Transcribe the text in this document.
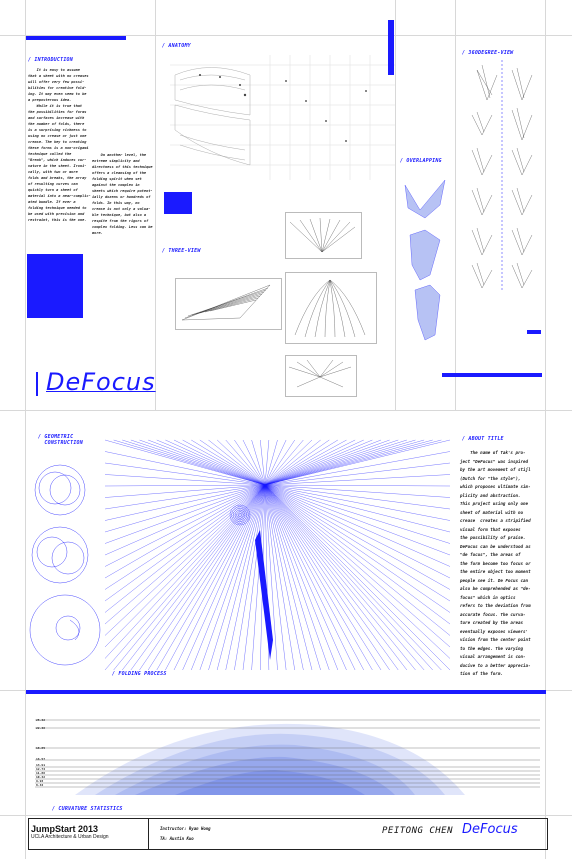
/ INTRODUCTION
It is easy to assume
that a sheet with no creases
will offer very few possi-
bilities for creative fold-
ing. It may even seem to be
a preposterous idea.
While it is true that
the possibilities for forms
and surfaces increase with
the number of folds, there
is a surprising richness to
using no crease or just one
crease. The key to creating
these forms is a non-origami
technique called the
"Break", which induces cur-
vature in the sheet. Ironi-
cally, with two or more
folds and breaks, the array
of resulting curves can
quickly turn a sheet of
material into a near-complic-
ated bundle. If ever a
folding technique needed to
be used with precision and
restraint, this is the one.
On another level, the
extreme simplicity and
directness of this technique
offers a cleansing of the
folding spirit when set
against the complex in
sheets which require potent-
ially dozens or hundreds of
folds. In this way, no
crease is not only a valua-
ble technique, but also a
respite from the rigors of
complex folding. Less can be
more.
DeFocus
/ ANATOMY
/ THREE-VIEW
/ OVERLAPPING
/ 360DEGREE-VIEW
/ GEOMETRIC
CONSTRUCTION
/ FOLDING PROCESS
/ ABOUT TITLE
The name of Tak's pro-
ject "DeFocus" was inspired
by the art movement of stijl
(Dutch for "the style"),
which proposes ultimate sim-
plicity and abstraction.
This project using only one
sheet of material with no
crease  creates a stripified
visual form that exposes
the possibility of praise.
DeFocus can be understood as
"de focus", the areas of
the form become too focus or
the entire object too moment
people see it. De Focus can
also be comprehended as "de-
focus" which in optics
refers to the deviation from
accurate focus. The curva-
ture created by the areas
eventually exposes viewers'
vision from the center point
to the edges. The varying
visual arrangement is con-
ducive to a better apprecia-
tion of the form.
25.32
22.36
18.85
16.57
13.91
12.74
11.86
10.32
9.93
8.44
/ CURVATURE STATISTICS
JumpStart 2013
UCLA Architecture & Urban Design
Instructor: Ryan Hong
TA: Austin Kuo
PEITONG CHEN DeFocus
